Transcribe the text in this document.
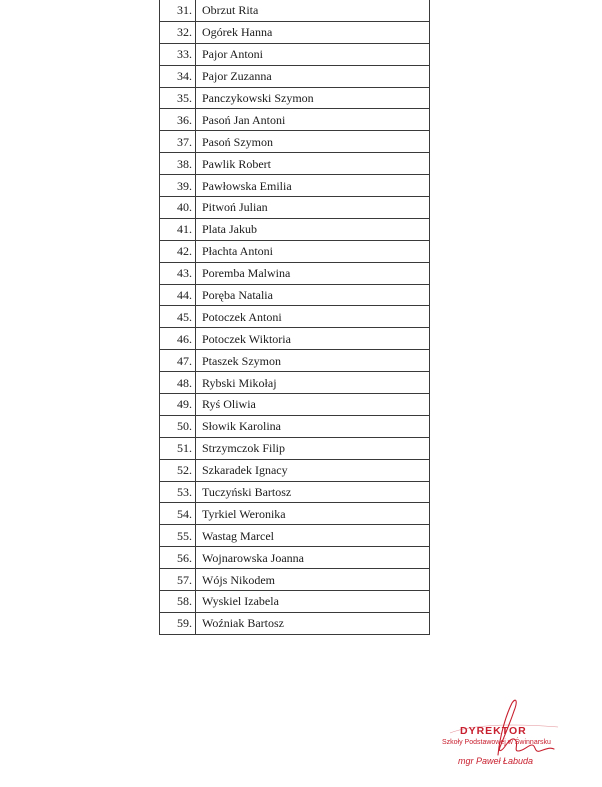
31.	Obrzut Rita
32.	Ogórek Hanna
33.	Pajor Antoni
34.	Pajor Zuzanna
35.	Panczykowski Szymon
36.	Pasoń Jan Antoni
37.	Pasoń Szymon
38.	Pawlik Robert
39.	Pawłowska Emilia
40.	Pitwoń Julian
41.	Plata Jakub
42.	Płachta Antoni
43.	Poremba Malwina
44.	Poręba Natalia
45.	Potoczek Antoni
46.	Potoczek Wiktoria
47.	Ptaszek Szymon
48.	Rybski Mikołaj
49.	Ryś Oliwia
50.	Słowik Karolina
51.	Strzymczok Filip
52.	Szkaradek Ignacy
53.	Tuczyński Bartosz
54.	Tyrkiel Weronika
55.	Wastag Marcel
56.	Wojnarowska Joanna
57.	Wójs Nikodem
58.	Wyskiel Izabela
59.	Woźniak Bartosz
DYREKTOR
Szkoły Podstawowej w Świnnarsku
mgr Paweł Łabuda
